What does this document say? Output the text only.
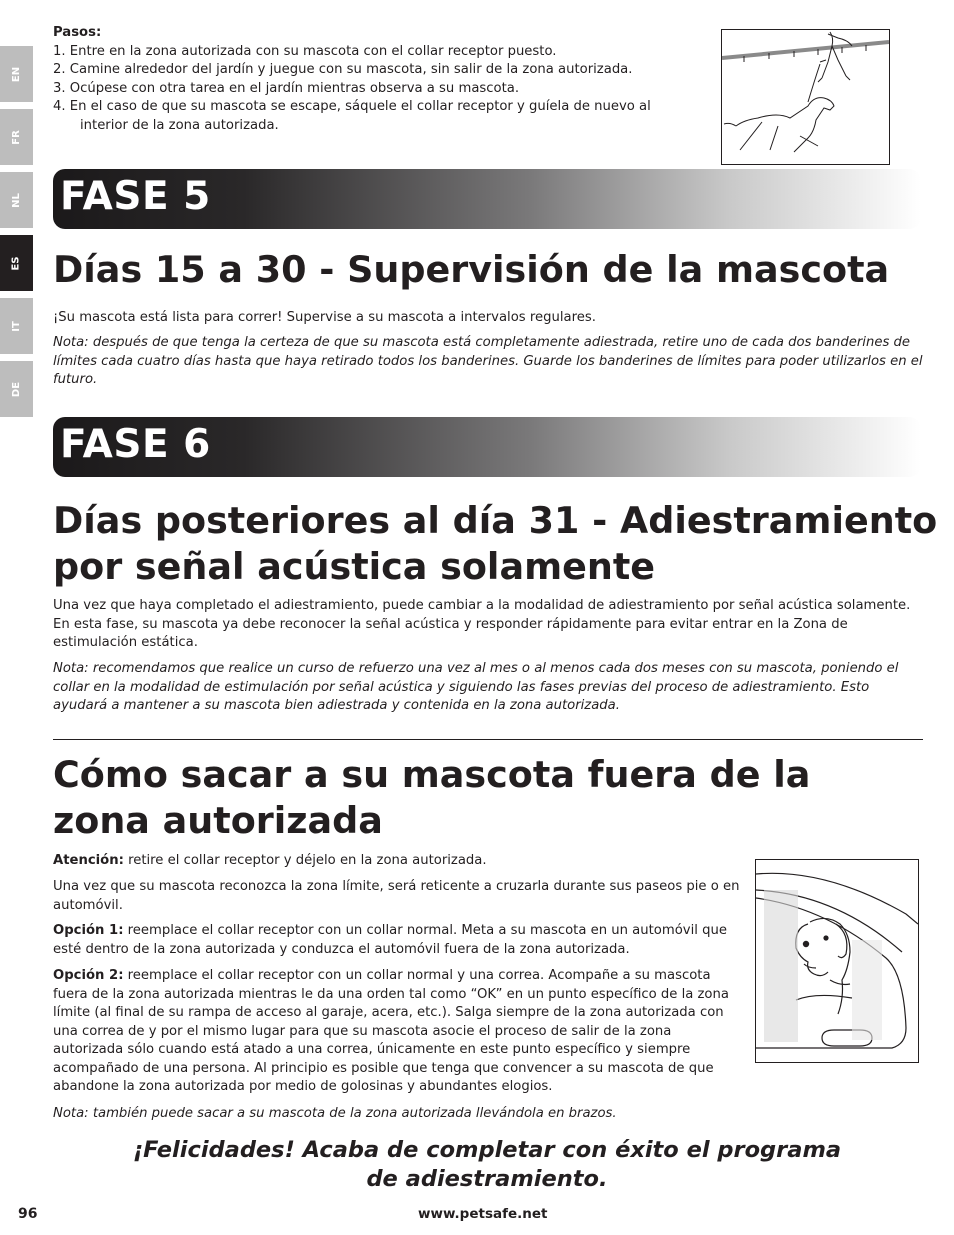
EN
FR
NL
ES
IT
DE
Pasos:
1. Entre en la zona autorizada con su mascota con el collar receptor puesto.
2. Camine alrededor del jardín y juegue con su mascota, sin salir de la zona autorizada.
3. Ocúpese con otra tarea en el jardín mientras observa a su mascota.
4. En el caso de que su mascota se escape, sáquele el collar receptor y guíela de nuevo al
interior de la zona autorizada.
FASE 5
Días 15 a 30 - Supervisión de la mascota

¡Su mascota está lista para correr! Supervise a su mascota a intervalos regulares.

Nota: después de que tenga la certeza de que su mascota está completamente adiestrada, retire uno de cada dos banderines de límites cada cuatro días hasta que haya retirado todos los banderines. Guarde los banderines de límites para poder utilizarlos en el futuro.

FASE 6
Días posteriores al día 31 - Adiestramiento
por señal acústica solamente

Una vez que haya completado el adiestramiento, puede cambiar a la modalidad de adiestramiento por señal acústica solamente. En esta fase, su mascota ya debe reconocer la señal acústica y responder rápidamente para evitar entrar en la Zona de estimulación estática.

Nota: recomendamos que realice un curso de refuerzo una vez al mes o al menos cada dos meses con su mascota, poniendo el collar en la modalidad de estimulación por señal acústica y siguiendo las fases previas del proceso de adiestramiento. Esto ayudará a mantener a su mascota bien adiestrada y contenida en la zona autorizada.

Cómo sacar a su mascota fuera de la
zona autorizada

Atención: retire el collar receptor y déjelo en la zona autorizada.

Una vez que su mascota reconozca la zona límite, será reticente a cruzarla durante sus paseos pie o en automóvil.

Opción 1: reemplace el collar receptor con un collar normal. Meta a su mascota en un automóvil que esté dentro de la zona autorizada y conduzca el automóvil fuera de la zona autorizada.

Opción 2: reemplace el collar receptor con un collar normal y una correa. Acompañe a su mascota fuera de la zona autorizada mientras le da una orden tal como “OK” en un punto específico de la zona límite (al final de su rampa de acceso al garaje, acera, etc.). Salga siempre de la zona autorizada con una correa de y por el mismo lugar para que su mascota asocie el proceso de salir de la zona autorizada sólo cuando está atado a una correa, únicamente en este punto específico y siempre acompañado de una persona. Al principio es posible que tenga que convencer a su mascota de que abandone la zona autorizada por medio de golosinas y abundantes elogios.

Nota: también puede sacar a su mascota de la zona autorizada llevándola en brazos.

¡Felicidades! Acaba de completar con éxito el programa
de adiestramiento.
96	www.petsafe.net
